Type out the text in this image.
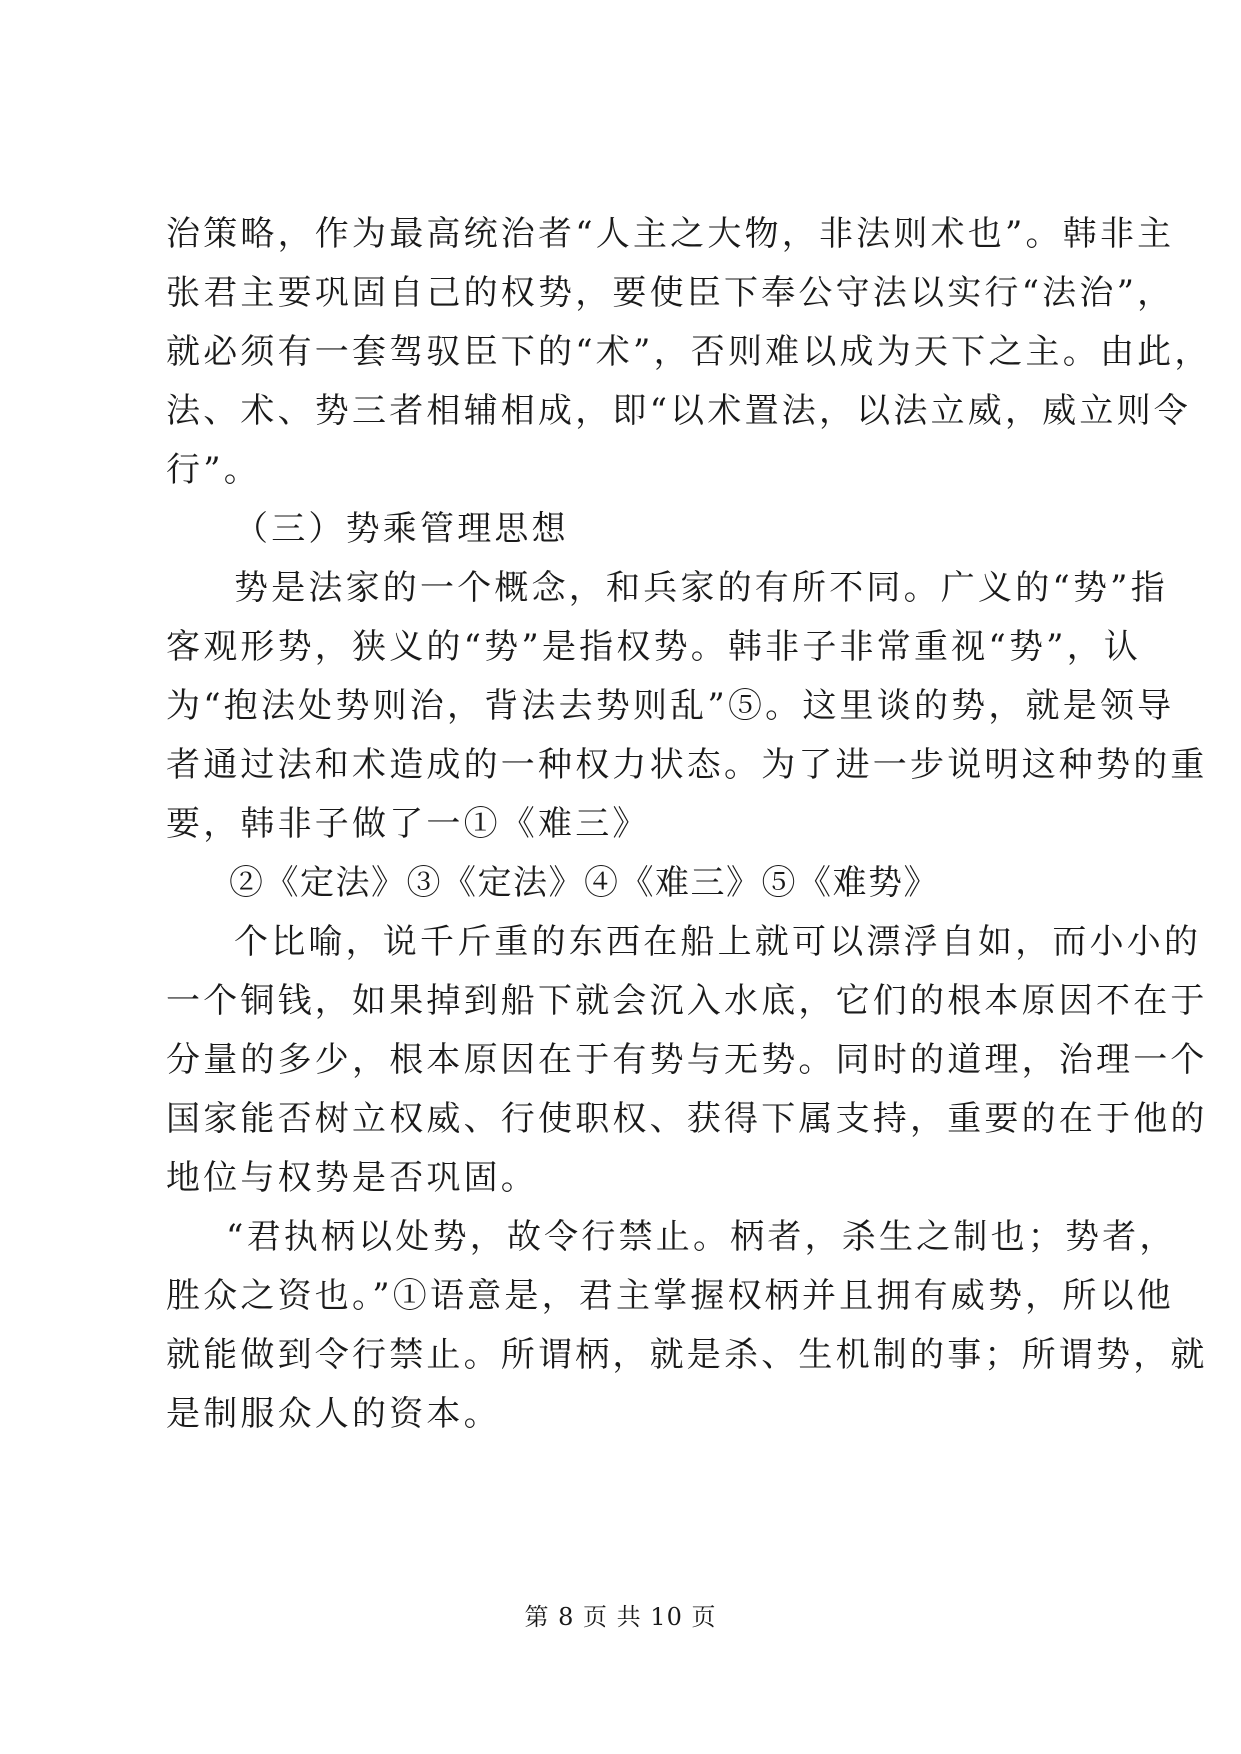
治策略，作为最高统治者“人主之大物，非法则术也”。韩非主
张君主要巩固自己的权势，要使臣下奉公守法以实行“法治”，
就必须有一套驾驭臣下的“术”，否则难以成为天下之主。由此，
法、术、势三者相辅相成，即“以术置法，以法立威，威立则令
行”。
（三）势乘管理思想
势是法家的一个概念，和兵家的有所不同。广义的“势”指
客观形势，狭义的“势”是指权势。韩非子非常重视“势”，认
为“抱法处势则治，背法去势则乱”⑤。这里谈的势，就是领导
者通过法和术造成的一种权力状态。为了进一步说明这种势的重
要，韩非子做了一①《难三》
②《定法》③《定法》④《难三》⑤《难势》
个比喻，说千斤重的东西在船上就可以漂浮自如，而小小的
一个铜钱，如果掉到船下就会沉入水底，它们的根本原因不在于
分量的多少，根本原因在于有势与无势。同时的道理，治理一个
国家能否树立权威、行使职权、获得下属支持，重要的在于他的
地位与权势是否巩固。
“君执柄以处势，故令行禁止。柄者，杀生之制也；势者，
胜众之资也。”①语意是，君主掌握权柄并且拥有威势，所以他
就能做到令行禁止。所谓柄，就是杀、生机制的事；所谓势，就
是制服众人的资本。
第 8 页 共 10 页
